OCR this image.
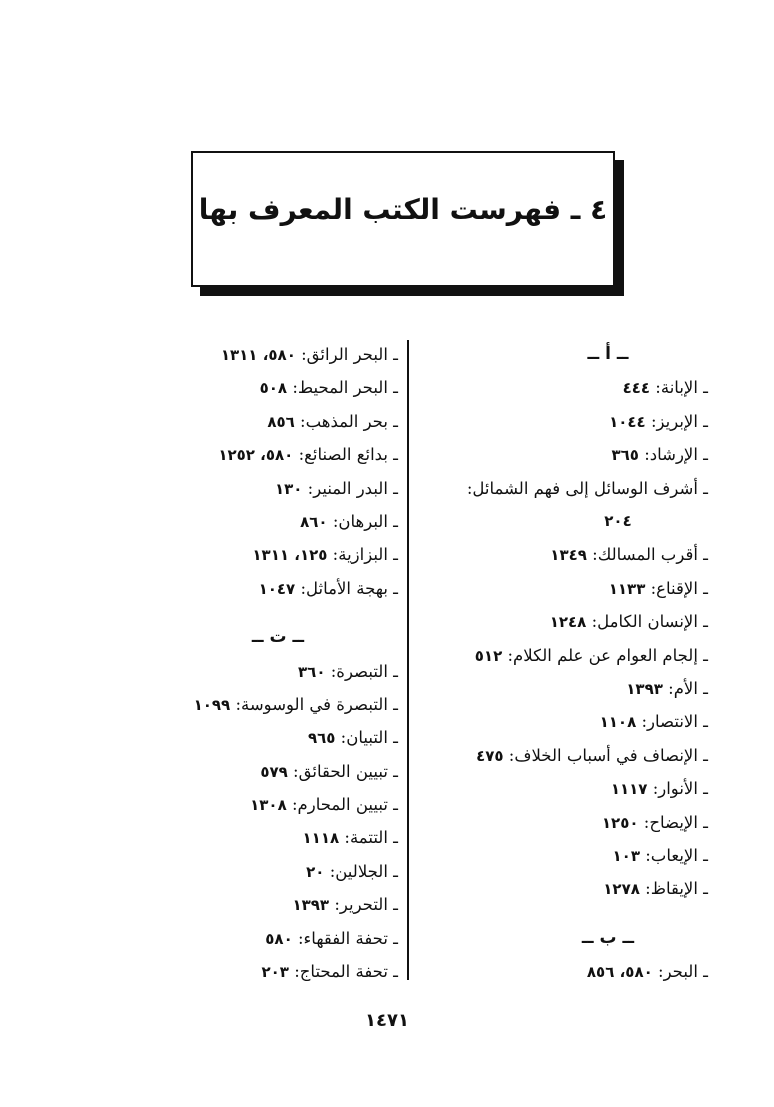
٤ ـ فهرست الكتب المعرف بها
ــ أ ــ
ـ الإبانة: ٤٤٤
ـ الإبريز: ١٠٤٤
ـ الإرشاد: ٣٦٥
ـ أشرف الوسائل إلى فهم الشمائل:
٢٠٤
ـ أقرب المسالك: ١٣٤٩
ـ الإقناع: ١١٣٣
ـ الإنسان الكامل: ١٢٤٨
ـ إلجام العوام عن علم الكلام: ٥١٢
ـ الأم: ١٣٩٣
ـ الانتصار: ١١٠٨
ـ الإنصاف في أسباب الخلاف: ٤٧٥
ـ الأنوار: ١١١٧
ـ الإيضاح: ١٢٥٠
ـ الإيعاب: ١٠٣
ـ الإيقاظ: ١٢٧٨
ــ ب ــ
ـ البحر: ٥٨٠، ٨٥٦
ـ البحر الرائق: ٥٨٠، ١٣١١
ـ البحر المحيط: ٥٠٨
ـ بحر المذهب: ٨٥٦
ـ بدائع الصنائع: ٥٨٠، ١٢٥٢
ـ البدر المنير: ١٣٠
ـ البرهان: ٨٦٠
ـ البزازية: ١٢٥، ١٣١١
ـ بهجة الأماثل: ١٠٤٧
ــ ت ــ
ـ التبصرة: ٣٦٠
ـ التبصرة في الوسوسة: ١٠٩٩
ـ التبيان: ٩٦٥
ـ تبيين الحقائق: ٥٧٩
ـ تبيين المحارم: ١٣٠٨
ـ التتمة: ١١١٨
ـ الجلالين: ٢٠
ـ التحرير: ١٣٩٣
ـ تحفة الفقهاء: ٥٨٠
ـ تحفة المحتاج: ٢٠٣
١٤٧١
